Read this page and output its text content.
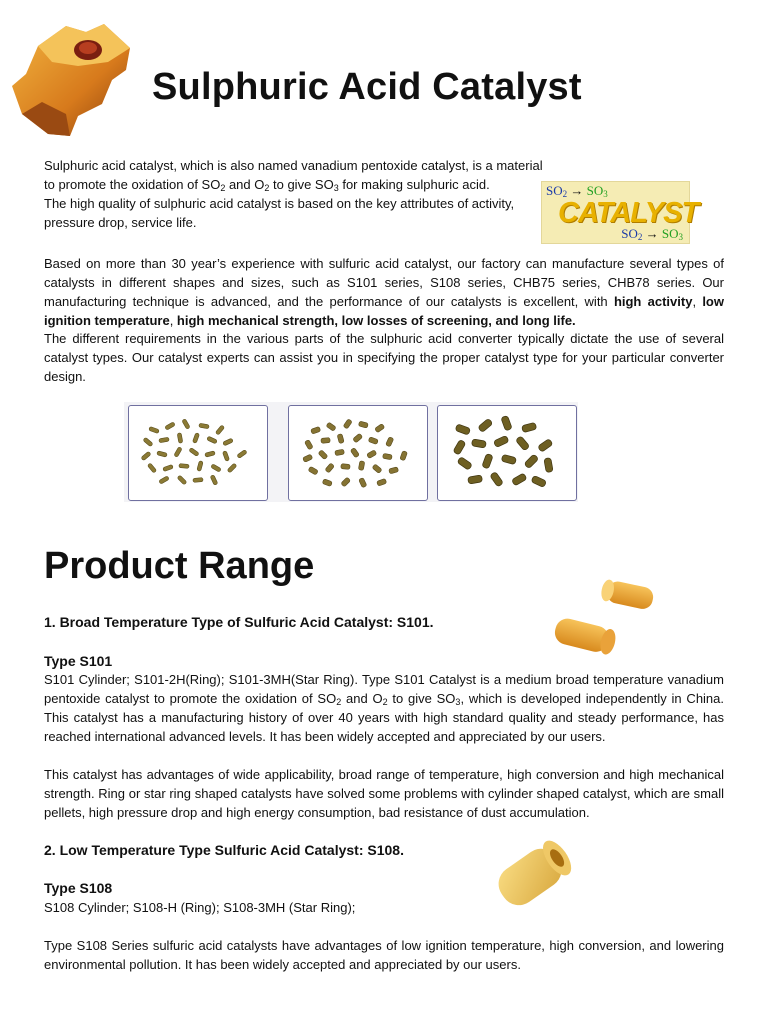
Sulphuric Acid Catalyst

Sulphuric acid catalyst, which is also named vanadium pentoxide catalyst, is a material
to promote the oxidation of $SO_2$ and $O_2$ to give $SO_3$ for making sulphuric acid.
The high quality of sulphuric acid catalyst is based on the key attributes of activity,
pressure drop, service life.

$SO_2 \to SO_3$
CATALYST
$SO_2 \to SO_3$

Based on more than 30 year’s experience with sulfuric acid catalyst, our factory can manufacture several types of catalysts in different shapes and sizes, such as S101 series, S108 series, CHB75 series, CHB78 series. Our manufacturing technique is advanced, and the performance of our catalysts is excellent, with high activity, low ignition temperature, high mechanical strength, low losses of screening, and long life.

The different requirements in the various parts of the sulphuric acid converter typically dictate the use of several catalyst types. Our catalyst experts can assist you in specifying the proper catalyst type for your particular converter design.

Product Range
1. Broad Temperature Type of Sulfuric Acid Catalyst: S101.
Type S101

S101 Cylinder; S101-2H(Ring); S101-3MH(Star Ring). Type S101 Catalyst is a medium broad temperature vanadium pentoxide catalyst to promote the oxidation of $SO_2$ and $O_2$ to give $SO_3$, which is developed independently in China. This catalyst has a manufacturing history of over 40 years with high standard quality and steady performance, has reached international advanced levels. It has been widely accepted and appreciated by our users.

This catalyst has advantages of wide applicability, broad range of temperature, high conversion and high mechanical strength. Ring or star ring shaped catalysts have solved some problems with cylinder shaped catalyst, which are small pellets, high pressure drop and high energy consumption, bad resistance of dust accumulation.

2. Low Temperature Type Sulfuric Acid Catalyst: S108.
Type S108

S108 Cylinder; S108-H (Ring); S108-3MH (Star Ring);

Type S108 Series sulfuric acid catalysts have advantages of low ignition temperature, high conversion, and lowering environmental pollution. It has been widely accepted and appreciated by our users.
